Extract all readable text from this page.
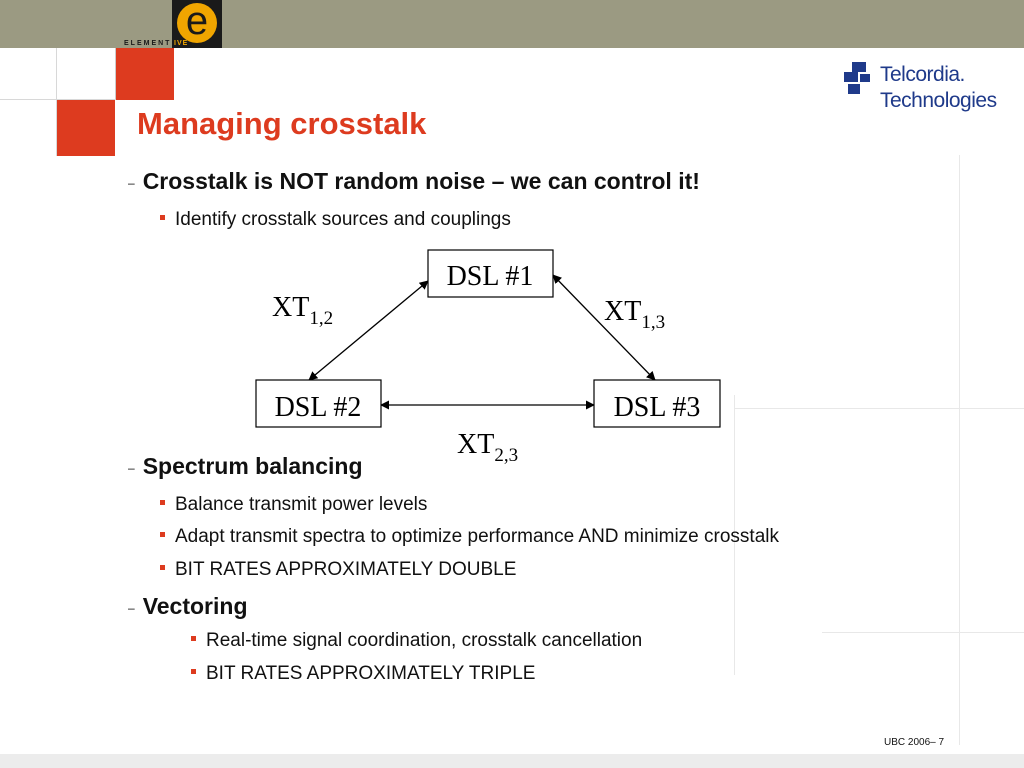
e
ELEMENT IVE
Managing crosstalk
Telcordia.
Technologies
– Crosstalk is NOT random noise – we can control it!
Identify crosstalk sources and couplings
– Spectrum balancing
Balance transmit power levels
Adapt transmit spectra to optimize performance AND minimize crosstalk
BIT RATES APPROXIMATELY DOUBLE
– Vectoring
Real-time signal coordination, crosstalk cancellation
BIT RATES APPROXIMATELY TRIPLE
DSL #1
DSL #2	DSL #3
$XT_{1,2}$	$XT_{1,3}$
$XT_{2,3}$
UBC 2006– 7
